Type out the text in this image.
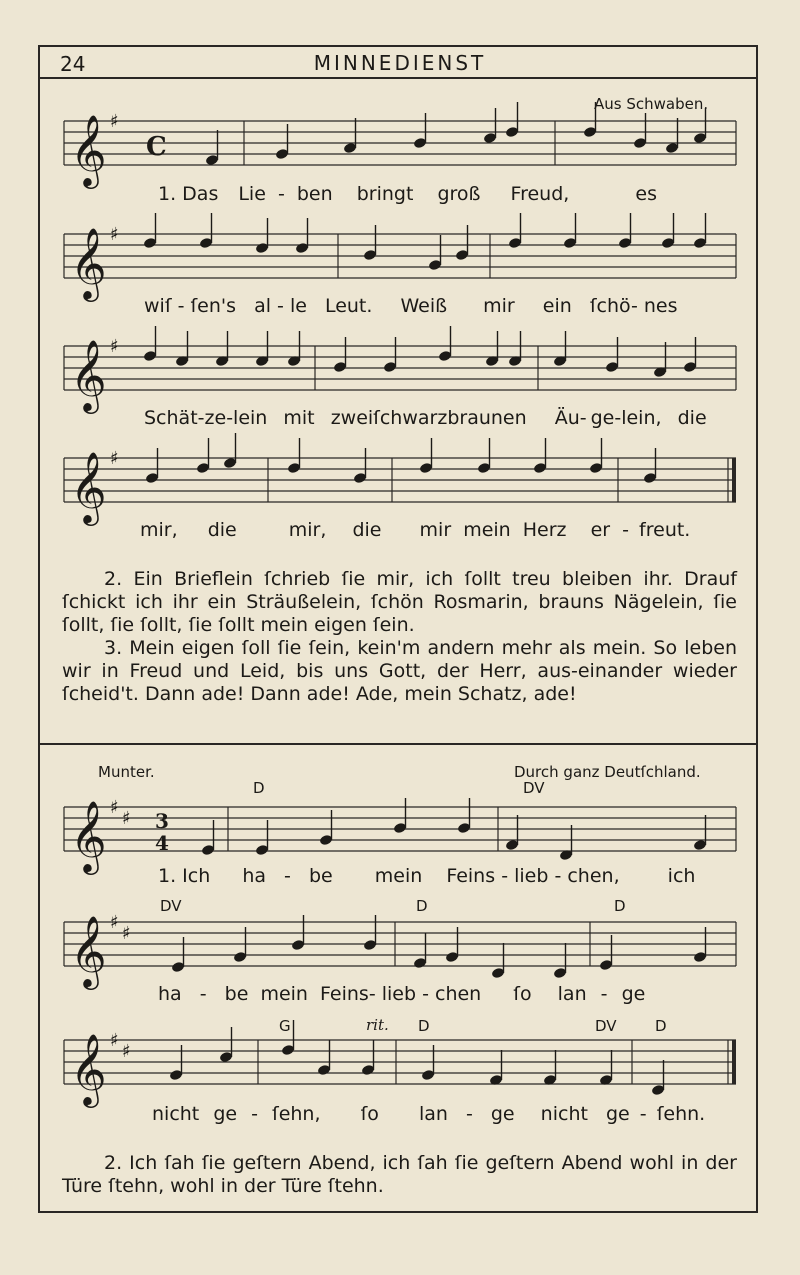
24	MINNEDIENST
Aus Schwaben.
𝄞 ♯
𝄞 ♯
𝄞 ♯
𝄞 ♯
𝄞 ♯
♯
𝄞 ♯
♯
𝄞 ♯
♯
C
3
4
1. Das Lie - ben bringt groß Freud,	es
wiſ - ſen's al - le Leut. Weiß mir ein ſchö- nes
Schät-ze-lein mit zweiſchwarzbraunen Äu- ge-lein, die
mir, die	mir, die mir mein Herz er - freut.

2. Ein Brieflein ſchrieb ſie mir, ich ſollt treu bleiben ihr. Drauf ſchickt ich ihr ein Sträußelein, ſchön Rosmarin, brauns Nägelein, ſie ſollt, ſie ſollt, ſie ſollt mein eigen ſein.

3. Mein eigen ſoll ſie ſein, kein'm andern mehr als mein. So leben wir in Freud und Leid, bis uns Gott, der Herr, aus-einander wieder ſcheid't. Dann ade! Dann ade! Ade, mein Schatz, ade!

Munter.	Durch ganz Deutſchland.
D	DV
1. Ich ha - be mein Feins - lieb - chen,	ich
DV	D	D
ha - be mein Feins- lieb - chen ſo lan - ge
G	rit. D	DV	D
nicht ge - ſehn, ſo lan - ge nicht ge - ſehn.

2. Ich ſah ſie geſtern Abend, ich ſah ſie geſtern Abend wohl in der Türe ſtehn, wohl in der Türe ſtehn.
